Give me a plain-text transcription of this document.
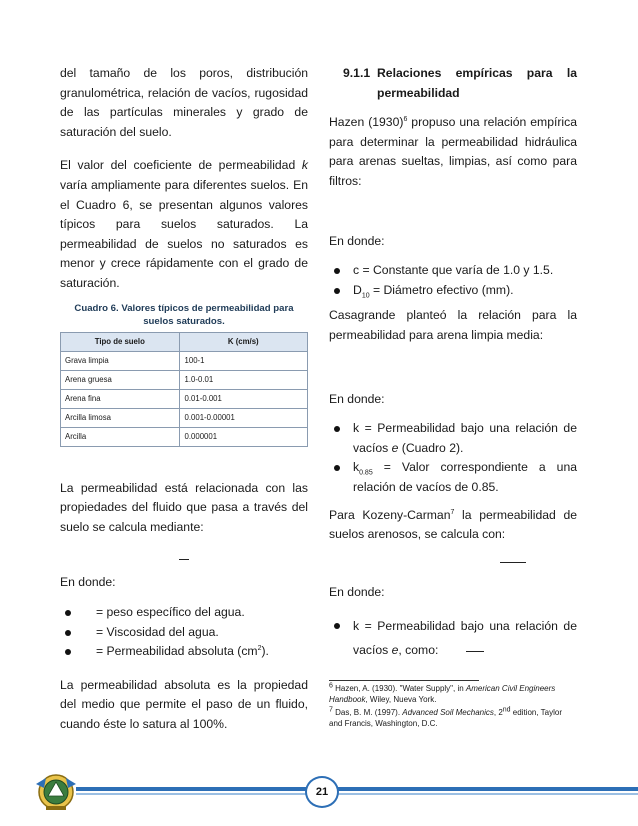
del tamaño de los poros, distribución granulométrica, relación de vacíos, rugosidad de las partículas minerales y grado de saturación del suelo.

El valor del coeficiente de permeabilidad k varía ampliamente para diferentes suelos. En el Cuadro 6, se presentan algunos valores típicos para suelos saturados. La permeabilidad de suelos no saturados es menor y crece rápidamente con el grado de saturación.

Cuadro 6. Valores típicos de permeabilidad para suelos saturados.
Tipo de suelo	K (cm/s)
Grava limpia	100-1
Arena gruesa	1.0-0.01
Arena fina	0.01-0.001
Arcilla limosa	0.001-0.00001
Arcilla	0.000001

La permeabilidad está relacionada con las propiedades del fluido que pasa a través del suelo se calcula mediante:

En donde:

= peso específico del agua.

= Viscosidad del agua.

= Permeabilidad absoluta $(cm^2)$.

La permeabilidad absoluta es la propiedad del medio que permite el paso de un fluido, cuando éste lo satura al 100%.

9.1.1 Relaciones empíricas para la permeabilidad

Hazen $(1930)^6$ propuso una relación empírica para determinar la permeabilidad hidráulica para arenas sueltas, limpias, así como para filtros:

En donde:

c = Constante que varía de 1.0 y 1.5.

$D_{10}$ = Diámetro efectivo (mm).

Casagrande planteó la relación para la permeabilidad para arena limpia media:

En donde:

k = Permeabilidad bajo una relación de vacíos e (Cuadro 2).

$k_{0.85}$ = Valor correspondiente a una relación de vacíos de 0.85.

Para Kozeny-Carman$^7$ la permeabilidad de suelos arenosos, se calcula con:

En donde:

k = Permeabilidad bajo una relación de vacíos e, como:

$^6$ Hazen, A. (1930). "Water Supply", in American Civil Engineers Handbook, Wiley, Nueva York.

$^7$ Das, B. M. (1997). Advanced Soil Mechanics, 2nd edition, Taylor and Francis, Washington, D.C.

21
